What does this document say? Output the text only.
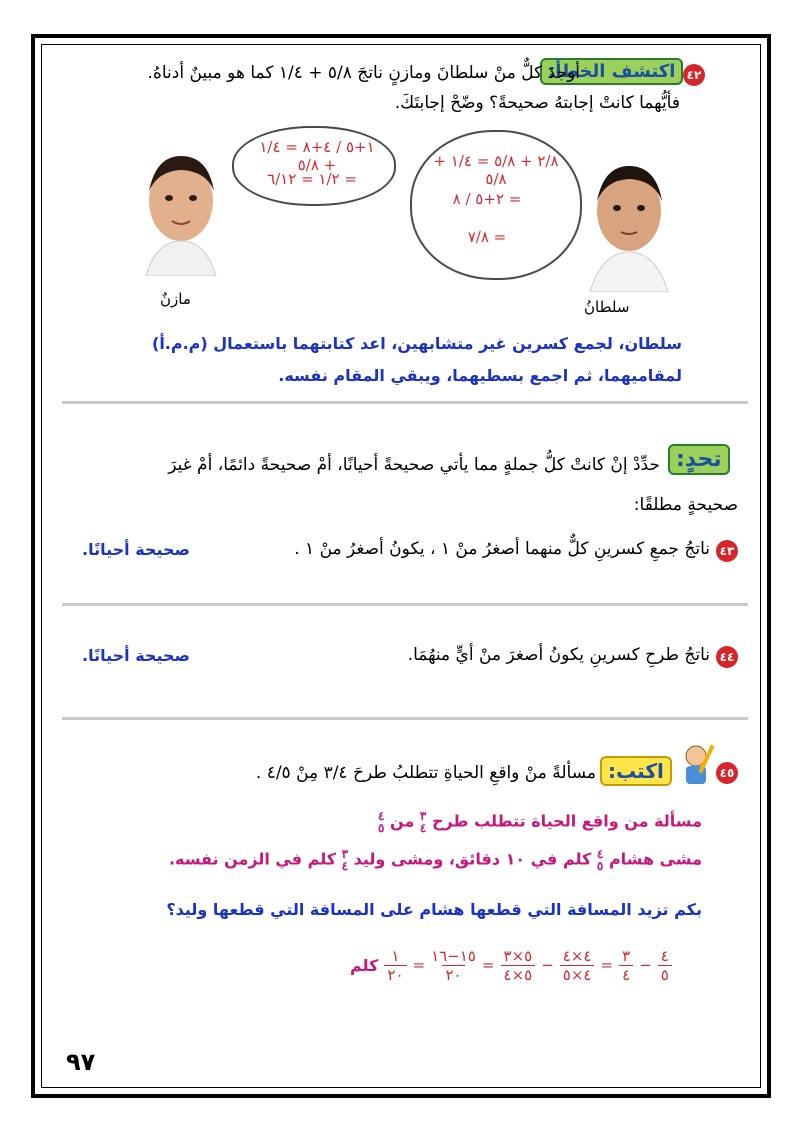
٤٢
اكتشف الخطأ:
أوجدَ كلٌّ منْ سلطانَ ومازنٍ ناتجَ ٥/٨ + ١/٤ كما هو مبينٌ أدناهُ.
فأيُّهما كانتْ إجابتهُ صحيحةً؟ وضّحْ إجابتَكَ.
١+٥ / ٤+٨ = ١/٤ + ٥/٨
١/٢ = ٦/١٢ =
٢/٨ + ٥/٨ = ١/٤ + ٥/٨
٢+٥ / ٨ =
٧/٨ =
مازنٌ	سلطانُ
سلطان، لجمع كسرين غير متشابهين، اعد كتابتهما باستعمال (م.م.أ)
لمقاميهما، ثم اجمع بسطيهما، ويبقي المقام نفسه.
تحدٍ:
حدِّدْ إنْ كانتْ كلُّ جملةٍ مما يأتي صحيحةً أحيانًا، أمْ صحيحةً دائمًا، أمْ غيرَ
صحيحةٍ مطلقًا:
٤٣
ناتجُ جمعِ كسرينِ كلٌّ منهما أصغرُ منْ ١ ، يكونُ أصغرُ منْ ١ .
صحيحة أحيانًا.
٤٤
ناتجُ طرحِ كسرينِ يكونُ أصغرَ منْ أيٍّ منهُمَا.
صحيحة أحيانًا.
٤٥
اكتب:
مسألةً منْ واقعِ الحياةِ تتطلبُ طرحَ ٣/٤ مِنْ ٤/٥ .
مسألة من واقع الحياة تتطلب طرح ٣
٤ من ٤
٥
مشى هشام ٤
٥ كلم في ١٠ دقائق، ومشى وليد ٣
٤ كلم في الزمن نفسه.
بكم تزيد المسافة التي قطعها هشام على المسافة التي قطعها وليد؟
كلم ١
٢٠
=
١٥−١٦
٢٠
=
٥×٣
٥×٤
−
٤×٤
٤×٥
=
٣
٤
−
٤
٥
٩٧
